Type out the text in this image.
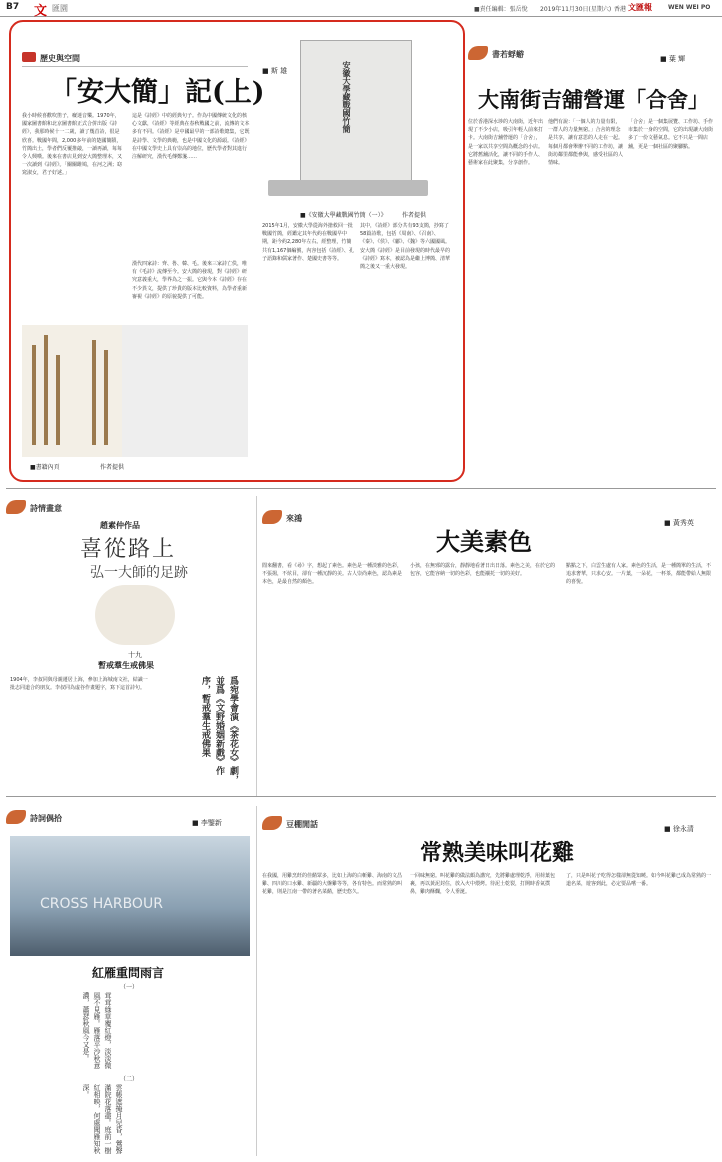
B7 文 匯園	■責任編輯：張岳悅 2019年11月30日(星期六) 香港 文匯報	WEN WEI PO
歷史與空間
「安大簡」記(上)
■ 斯 雄
我小時候喜歡吹笛子，癡迷音樂。1970年，國家圖書館和北京圖書館正式合併出版《詩經》，我那時候十一二歲，讀了幾首詩，很是欣喜。戰國年間，2,000多年前的楚國簡牘，竹簡出土，學者們反覆推敲，一讀再讀，每每令人興嘆。後來在書店見到安大簡整理本，又一次讀到《詩經》。「關關雎鳩，在河之洲；窈窕淑女，君子好逑。」
這是《詩經》中的經典句子。作為中國傳統文化的核心文獻，《詩經》等經典在春秋戰國之前，流傳的文本多有不同。《詩經》是中國最早的一部詩歌總集，它既是詩學、文學的典範，也是中國文化的源頭。《詩經》在中國文學史上具有崇高的地位，歷代學者對其進行注解研究，漢代毛傳鄭箋……
漢代四家詩：齊、魯、韓、毛。後來三家詩亡佚，唯有《毛詩》流傳至今。安大簡的發現，對《詩經》研究意義重大，學界為之一振。它與今本《詩經》存在不少異文，提供了珍貴的版本比較資料，為學者重新審視《詩經》的原貌提供了可能。
安徽大學藏戰國竹簡
■《安徽大學藏戰國竹簡（一）》	作者提供
2015年1月，安徽大學從海外搶救回一批戰國竹簡，經鑑定其年代約在戰國早中期，距今約2,280年左右。經整理，竹簡共有1,167個編號，內容包括《詩經》、孔子語錄和儒家著作、楚國史書等等。
其中，《詩經》部分共有93支簡，抄寫了58篇詩歌，包括《周南》、《召南》、《秦》、《侯》、《鄘》、《魏》等六國國風。安大簡《詩經》是目前發現的時代最早的《詩經》寫本，被認為是繼上博簡、清華簡之後又一重大發現。
■書籍內頁	作者提供
書若蜉蝣	■ 葉 輝
大南街吉舖營運「合舍」
位於香港深水埗的大南街，近年出現了不少小店，吸引年輕人前來打卡。大南街吉舖營運的「合舍」，是一家以共享空間為概念的小店。它將舊舖活化，讓不同的手作人、藝術家在此聚集，分享創作。
他們有說：「一個人的力量有限，一群人的力量無窮。」合舍的理念是共享，讓有意思的人走在一起。每個月都會舉辦不同的工作坊，讓街坊鄰里都能參與，感受社區的人情味。
「合舍」是一個集展覽、工作坊、手作市集於一身的空間，它的出現讓大南街多了一份文藝氣息。它不只是一間店舖，更是一個社區的聚腳點。
詩情畫意
趙素仲作品
喜從路上
弘一大師的足跡
十九
暫戒羣生戒佛果
1904年，李叔同與母親遷居上海，參加上海城南文社，結識一批志同道合的朋友。李叔同為虛谷作畫題字，寫下這首詩句。	爲宛學會演《茶花女》劇，並爲《文野婚姻新戲》作序，暫戒羣生戒佛果
來鴻	■ 黃秀英
大美素色
閒來翻書，看《尋》字，想起了素色。素色是一種淡雅的色彩，不張揚，不炫目，卻有一種沉靜的美。古人崇尚素色，認為素是本色，是最自然的顏色。
小孩，在無邪的露台，靜靜地看著日出日落。素色之美，在於它的包容，它能容納一切的色彩，也能襯托一切的美好。
點點之下，白雲生處有人家。素色的生活，是一種簡單的生活，不追求奢華，只求心安。一片葉，一朵花，一杯茶，都能帶給人無限的喜悅。
詩詞偶拾	■ 李鑒新
CROSS HARBOUR
紅雁重問雨言
（一）
茸茸綠草覆紅燈，淡淡微風不見雁。雁落平沙秋意濃，蕭瑟秋風今又是。
（二）
雲帳遮掩月兒昏，鶯聲滿院花落盡。庭前一樹紅相映，何處聞雁知秋深。
豆棚閒話	■ 徐永清
常熟美味叫花雞
在我國，用雞烹飪的佳餚眾多，比如上海的白斬雞、海南的文昌雞、四川的口水雞、新疆的大盤雞等等，各有特色。而常熟的叫花雞，則是江南一帶的著名菜餚，歷史悠久。
一回味無窮。叫花雞的做法頗為講究，先將雞處理乾淨，用荷葉包裹，再以黃泥封住，放入火中煨烤。待泥土乾裂，打開時香氣撲鼻，雞肉酥爛，令人垂涎。
了，只是叫花子吃得怎樣卻無從知曉。如今叫花雞已成為常熟的一道名菜，遊客到此，必定要品嚐一番。
